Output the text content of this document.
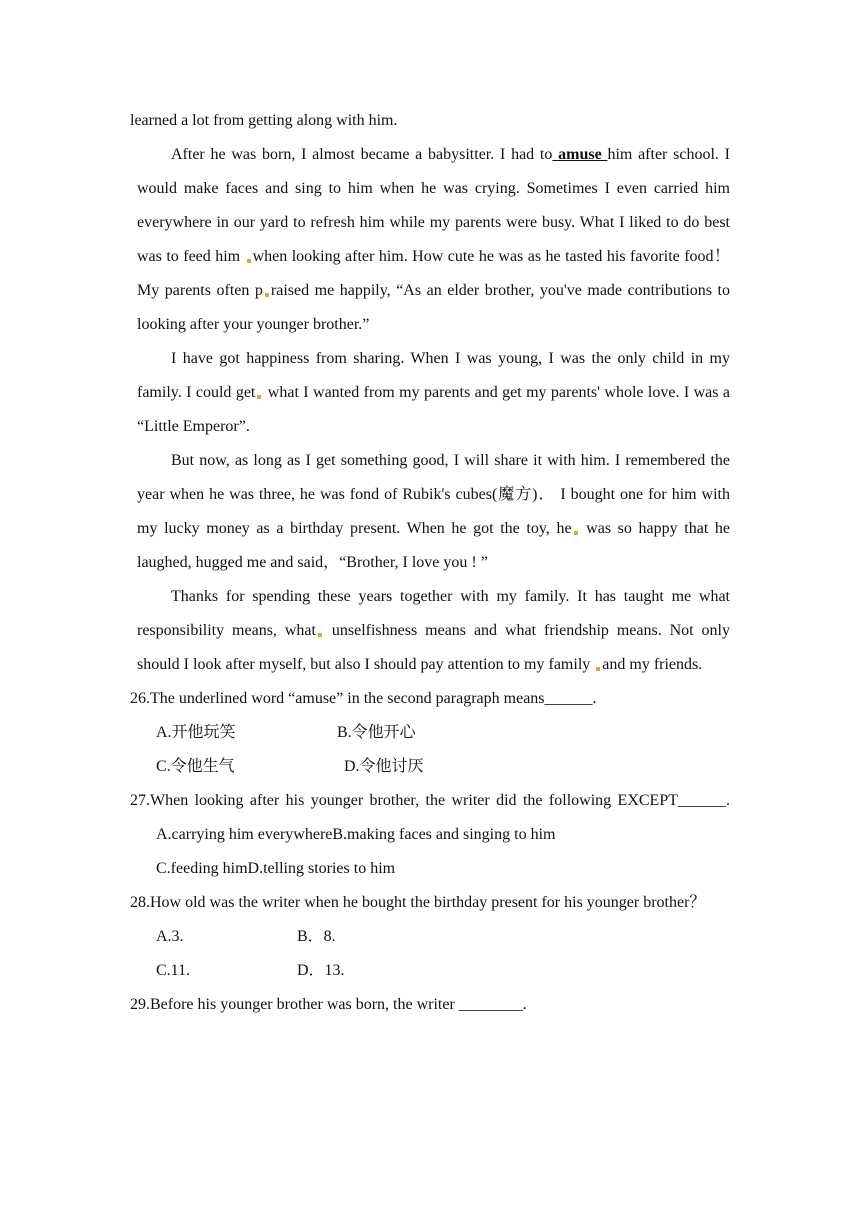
learned a lot from getting along with him.

After he was born, I almost became a babysitter. I had to amuse him after school. I would make faces and sing to him when he was crying. Sometimes I even carried him everywhere in our yard to refresh him while my parents were busy. What I liked to do best was to feed him when looking after him. How cute he was as he tasted his favorite food！ My parents often p raised me happily, “As an elder brother, you've made contributions to looking after your younger brother.”

I have got happiness from sharing. When I was young, I was the only child in my family. I could get what I wanted from my parents and get my parents' whole love. I was a “Little Emperor”.

But now, as long as I get something good, I will share it with him. I remembered the year when he was three, he was fond of Rubik's cubes(魔方)． I bought one for him with my lucky money as a birthday present. When he got the toy, he was so happy that he laughed, hugged me and said，“Brother, I love you ! ”

Thanks for spending these years together with my family. It has taught me what responsibility means, what unselfishness means and what friendship means. Not only should I look after myself, but also I should pay attention to my family and my friends.

26.The underlined word “amuse” in the second paragraph means______.

A.开他玩笑	B.令他开心
C.令他生气	D.令他讨厌

27.When looking after his younger brother, the writer did the following EXCEPT______.

A.carrying him everywhere B.making faces and singing to him
C.feeding him D.telling stories to him

28.How old was the writer when he bought the birthday present for his younger brother？

A.3.	B．8.
C.11.	D．13.

29.Before his younger brother was born, the writer ________.
